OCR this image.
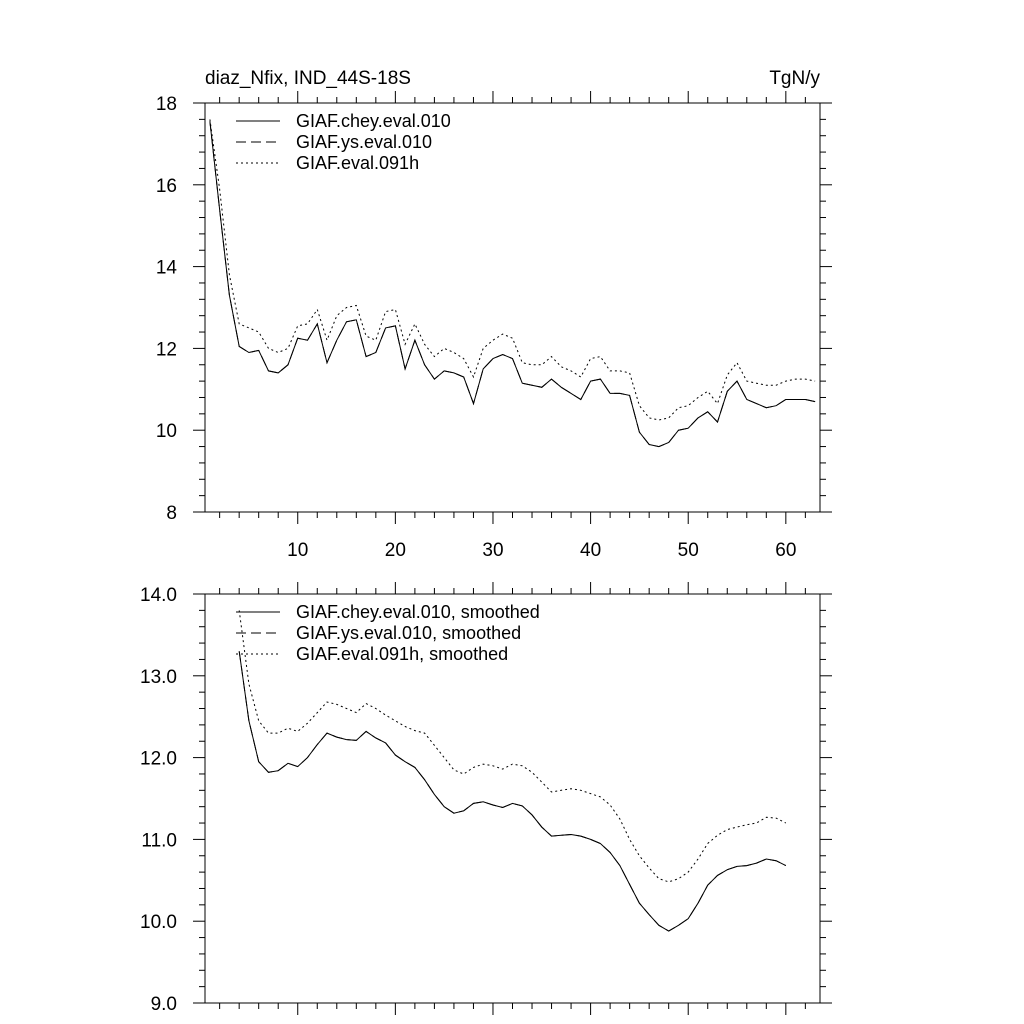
diaz_Nfix, IND_44S-18S	TgN/y
10	20	30	40	50	60
8
10
12
14
16
18
GIAF.chey.eval.010
GIAF.ys.eval.010
GIAF.eval.091h
9.0
10.0
11.0
12.0
13.0
14.0
GIAF.chey.eval.010, smoothed
GIAF.ys.eval.010, smoothed
GIAF.eval.091h, smoothed
